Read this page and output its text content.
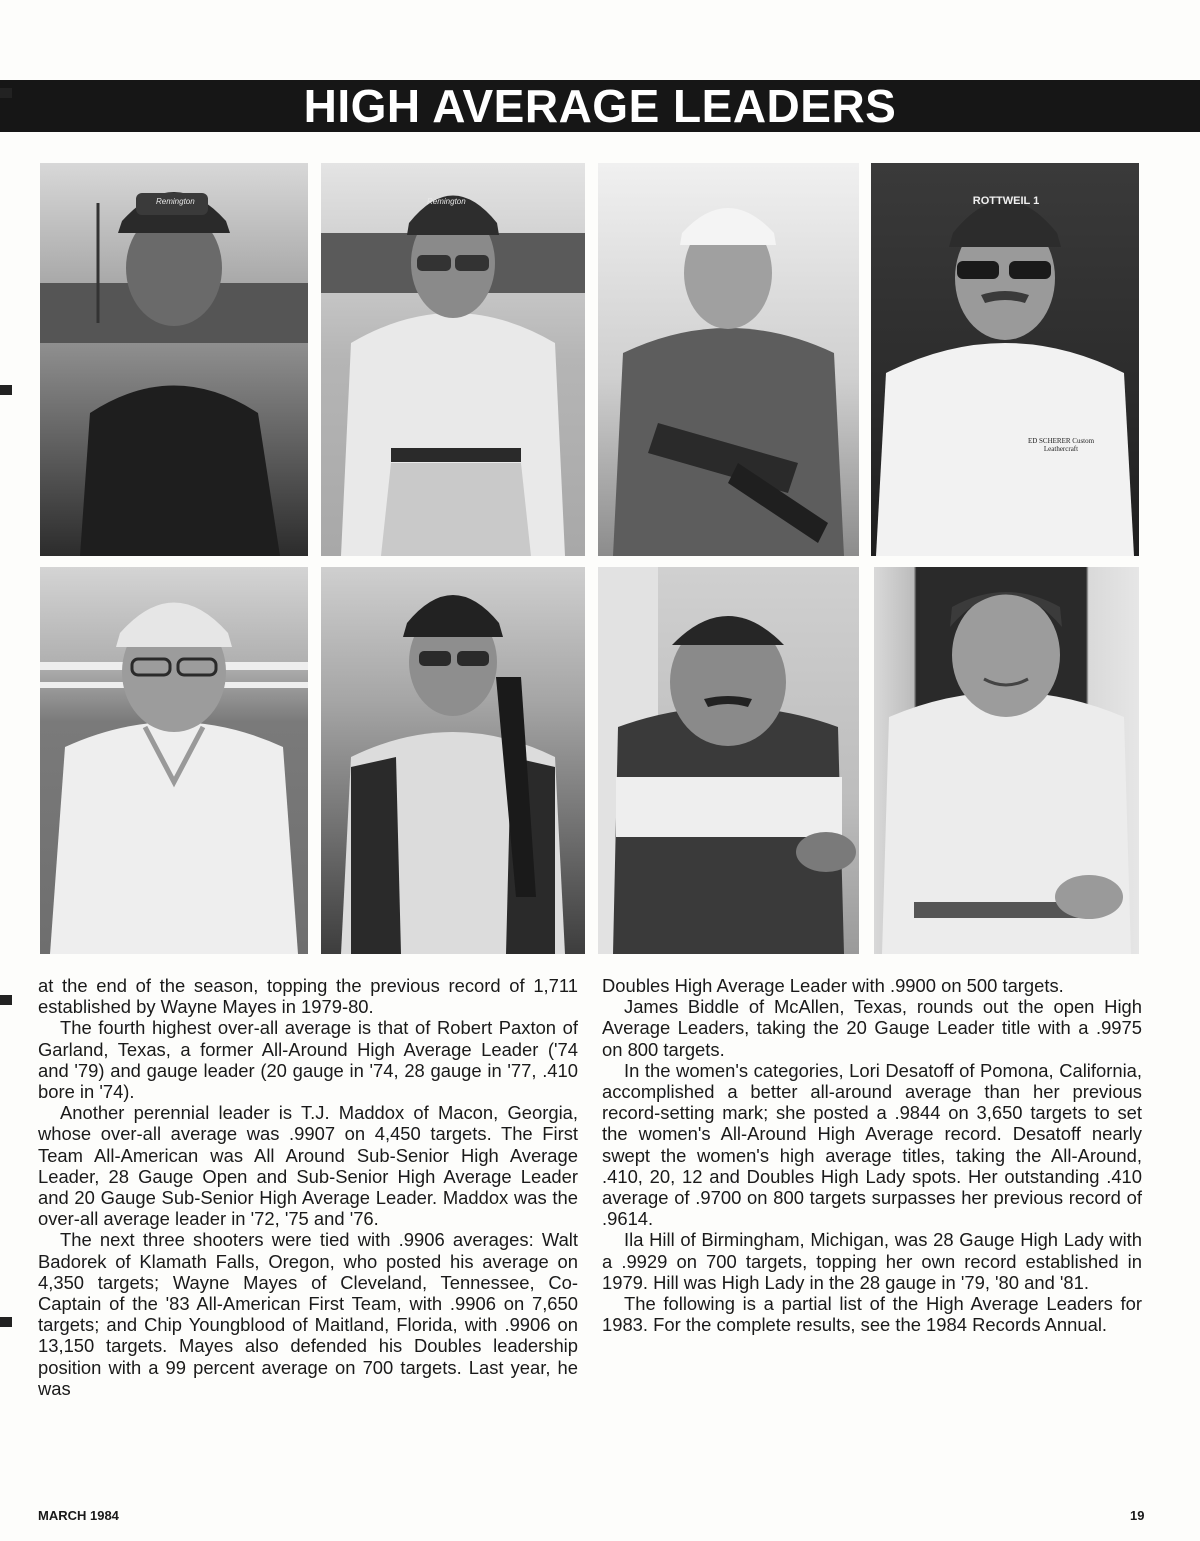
HIGH AVERAGE LEADERS
Remington	Remington	ROTTWEIL 1
ED SCHERER Custom Leathercraft

at the end of the season, topping the previous record of 1,711 established by Wayne Mayes in 1979-80.

The fourth highest over-all average is that of Robert Paxton of Garland, Texas, a former All-Around High Average Leader ('74 and '79) and gauge leader (20 gauge in '74, 28 gauge in '77, .410 bore in '74).

Another perennial leader is T.J. Maddox of Macon, Georgia, whose over-all average was .9907 on 4,450 targets. The First Team All-American was All Around Sub-Senior High Average Leader, 28 Gauge Open and Sub-Senior High Average Leader and 20 Gauge Sub-Senior High Average Leader. Maddox was the over-all average leader in '72, '75 and '76.

The next three shooters were tied with .9906 averages: Walt Badorek of Klamath Falls, Oregon, who posted his average on 4,350 targets; Wayne Mayes of Cleveland, Tennessee, Co-Captain of the '83 All-American First Team, with .9906 on 7,650 targets; and Chip Youngblood of Maitland, Florida, with .9906 on 13,150 targets. Mayes also defended his Doubles leadership position with a 99 percent average on 700 targets. Last year, he was

Doubles High Average Leader with .9900 on 500 targets.

James Biddle of McAllen, Texas, rounds out the open High Average Leaders, taking the 20 Gauge Leader title with a .9975 on 800 targets.

In the women's categories, Lori Desatoff of Pomona, California, accomplished a better all-around average than her previous record-setting mark; she posted a .9844 on 3,650 targets to set the women's All-Around High Average record. Desatoff nearly swept the women's high average titles, taking the All-Around, .410, 20, 12 and Doubles High Lady spots. Her outstanding .410 average of .9700 on 800 targets surpasses her previous record of .9614.

Ila Hill of Birmingham, Michigan, was 28 Gauge High Lady with a .9929 on 700 targets, topping her own record established in 1979. Hill was High Lady in the 28 gauge in '79, '80 and '81.

The following is a partial list of the High Average Leaders for 1983. For the complete results, see the 1984 Records Annual.

MARCH 1984	19
